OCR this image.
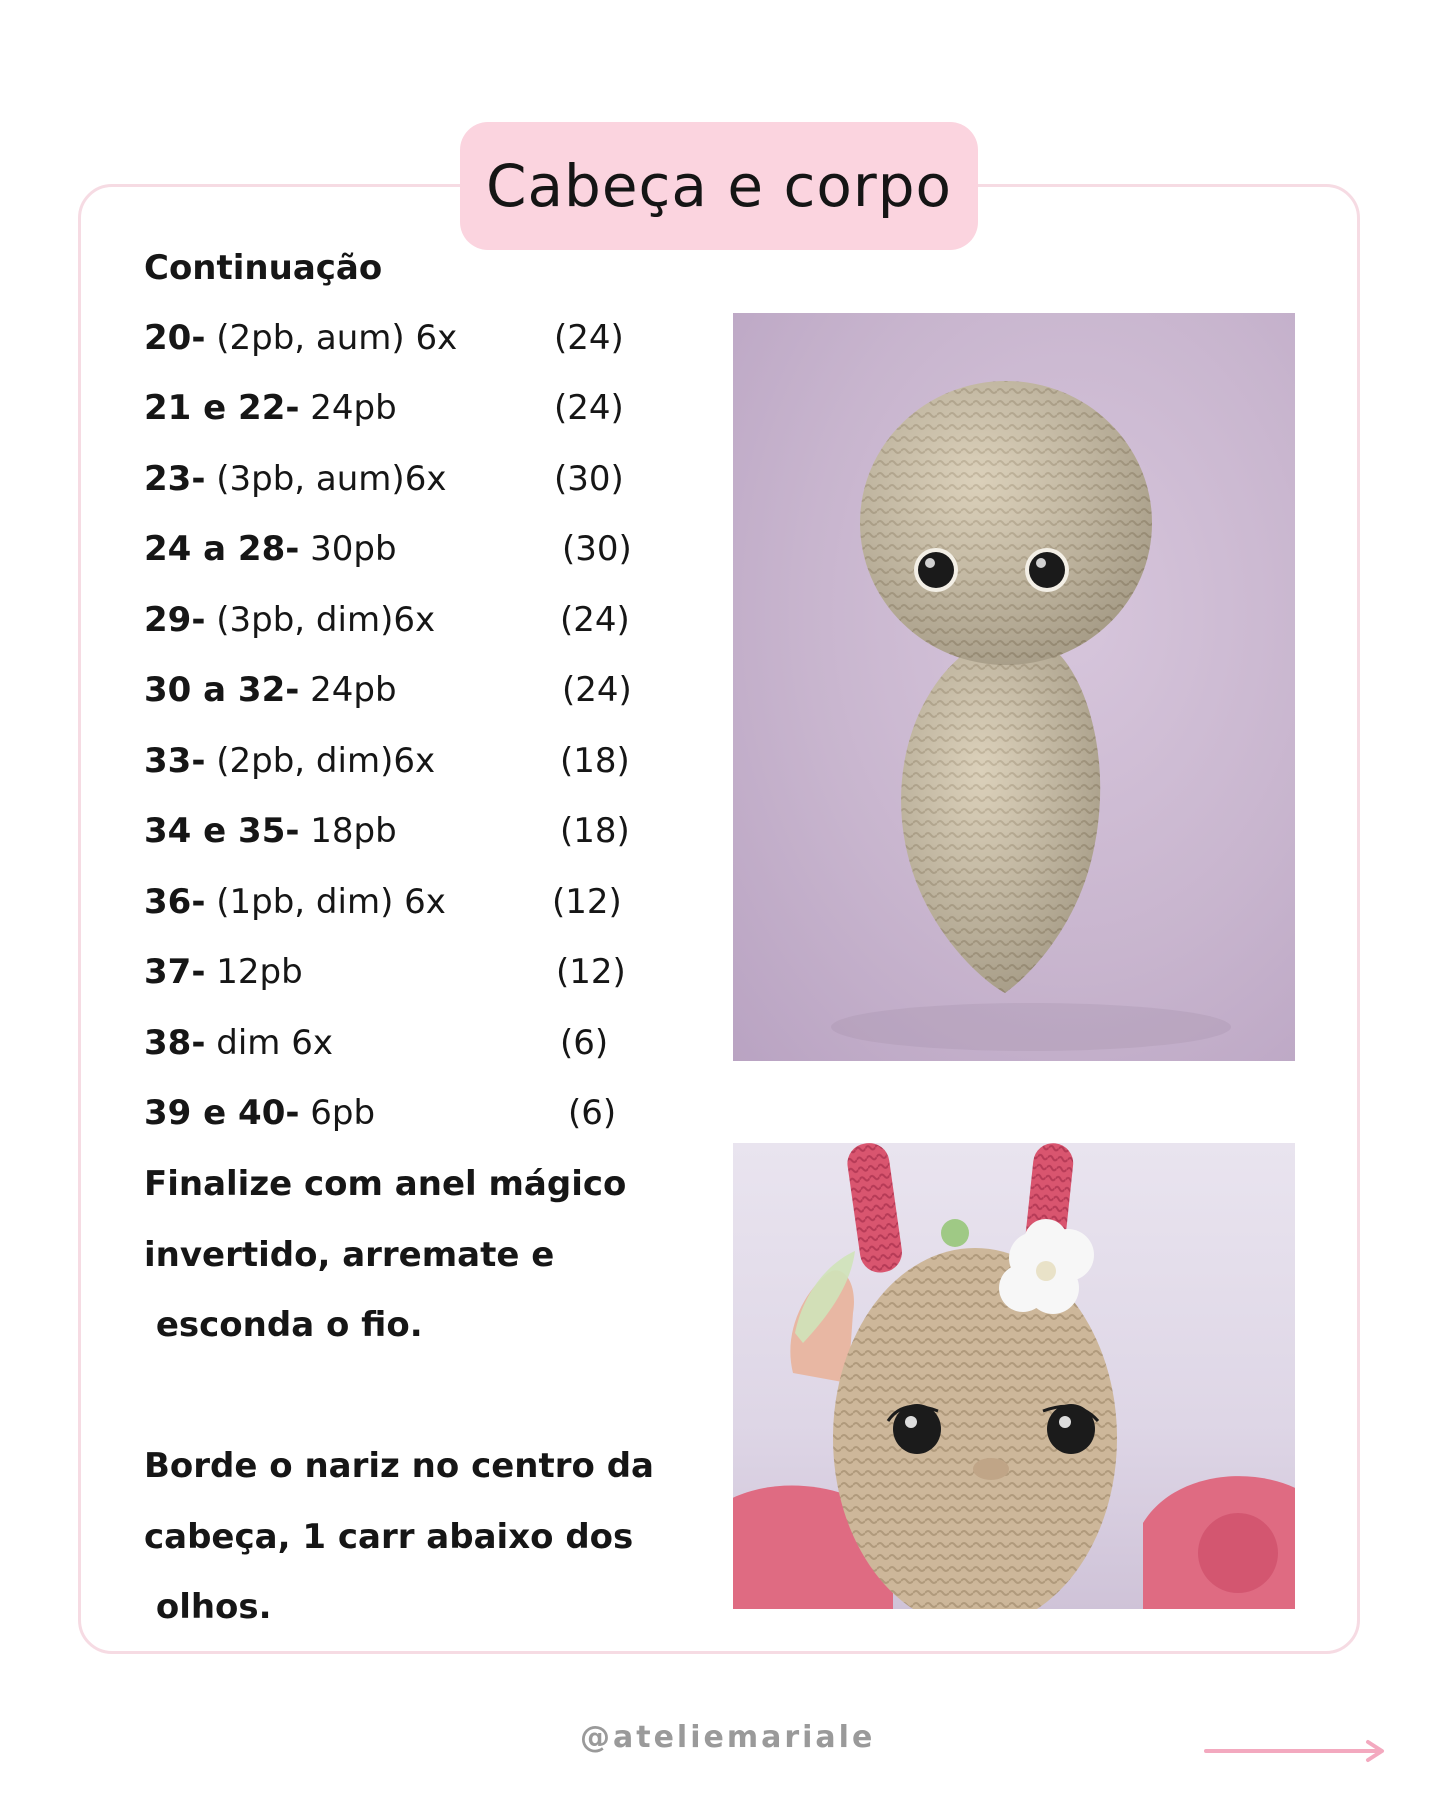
Cabeça e corpo
Continuação
20- (2pb, aum) 6x	(24)
21 e 22- 24pb	(24)
23- (3pb, aum)6x	(30)
24 a 28- 30pb	(30)
29- (3pb, dim)6x	(24)
30 a 32- 24pb	(24)
33- (2pb, dim)6x	(18)
34 e 35- 18pb	(18)
36- (1pb, dim) 6x	(12)
37- 12pb	(12)
38- dim 6x	(6)
39 e 40- 6pb	(6)
Finalize com anel mágico
invertido, arremate e
esconda o fio.
Borde o nariz no centro da
cabeça, 1 carr abaixo dos
olhos.
@ateliemariale
